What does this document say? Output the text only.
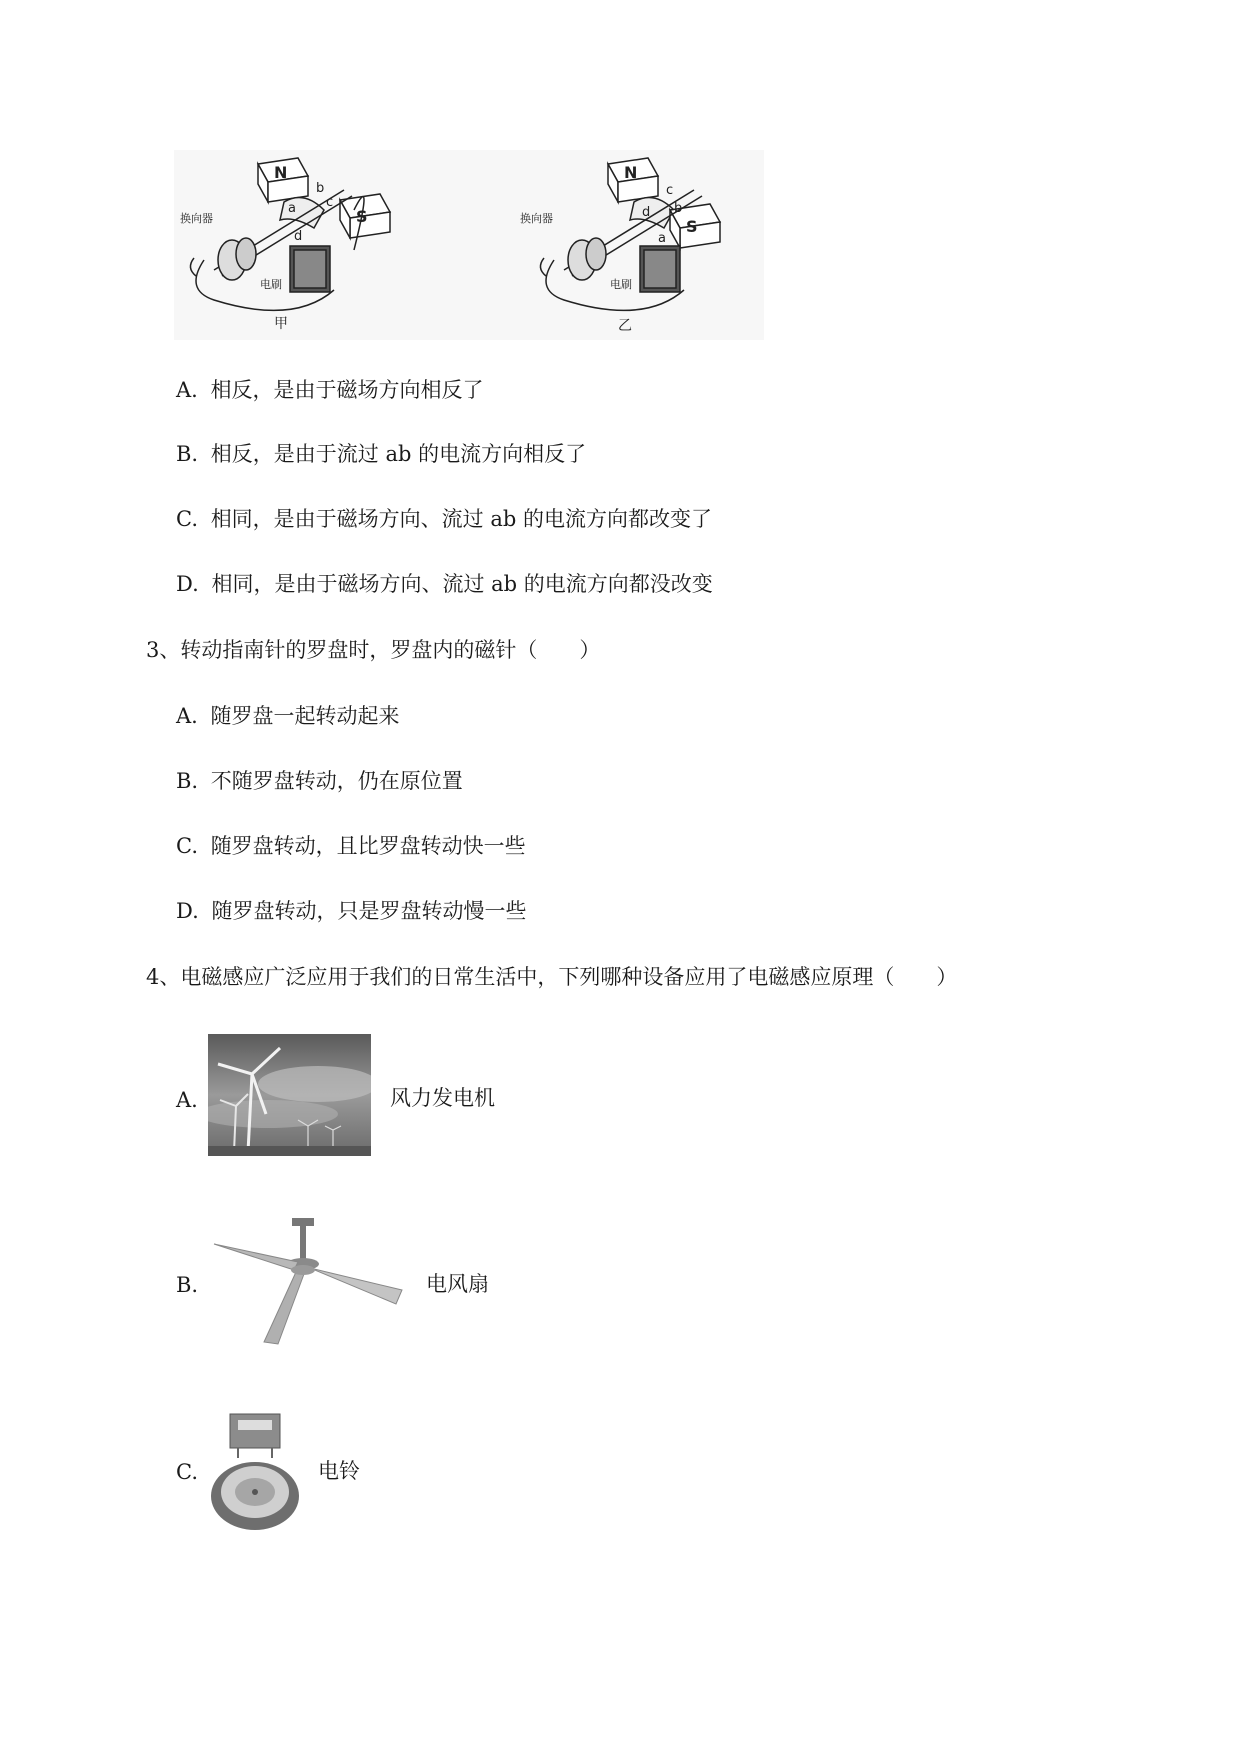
N
S
换向器
电刷
a
b
c
d
甲
N
S
换向器
电刷
a
b
c
d
乙
A. 相反，是由于磁场方向相反了
B. 相反，是由于流过 ab 的电流方向相反了
C. 相同，是由于磁场方向、流过 ab 的电流方向都改变了
D. 相同，是由于磁场方向、流过 ab 的电流方向都没改变
3、转动指南针的罗盘时，罗盘内的磁针（　　）
A. 随罗盘一起转动起来
B. 不随罗盘转动，仍在原位置
C. 随罗盘转动，且比罗盘转动快一些
D. 随罗盘转动，只是罗盘转动慢一些
4、电磁感应广泛应用于我们的日常生活中，下列哪种设备应用了电磁感应原理（　　）
A.	风力发电机
B.	电风扇
C.	电铃
